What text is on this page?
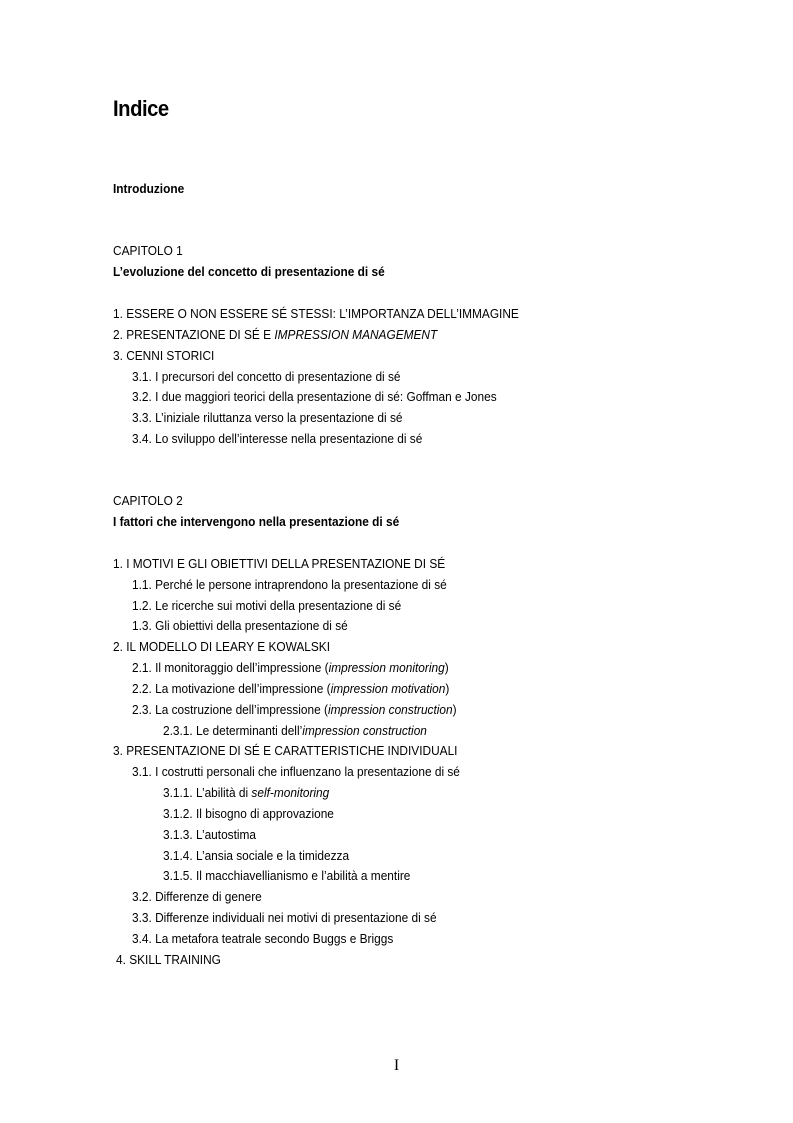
Indice
Introduzione
CAPITOLO 1
L’evoluzione del concetto di presentazione di sé
1. ESSERE O NON ESSERE SÉ STESSI: L’IMPORTANZA DELL’IMMAGINE
2. PRESENTAZIONE DI SÉ E IMPRESSION MANAGEMENT
3. CENNI STORICI
3.1. I precursori del concetto di presentazione di sé
3.2. I due maggiori teorici della presentazione di sé: Goffman e Jones
3.3. L’iniziale riluttanza verso la presentazione di sé
3.4. Lo sviluppo dell’interesse nella presentazione di sé
CAPITOLO 2
I fattori che intervengono nella presentazione di sé
1. I MOTIVI E GLI OBIETTIVI DELLA PRESENTAZIONE DI SÉ
1.1. Perché le persone intraprendono la presentazione di sé
1.2. Le ricerche sui motivi della presentazione di sé
1.3. Gli obiettivi della presentazione di sé
2. IL MODELLO DI LEARY E KOWALSKI
2.1. Il monitoraggio dell’impressione (impression monitoring)
2.2. La motivazione dell’impressione (impression motivation)
2.3. La costruzione dell’impressione (impression construction)
2.3.1. Le determinanti dell’impression construction
3. PRESENTAZIONE DI SÉ E CARATTERISTICHE INDIVIDUALI
3.1. I costrutti personali che influenzano la presentazione di sé
3.1.1. L’abilità di self-monitoring
3.1.2. Il bisogno di approvazione
3.1.3. L’autostima
3.1.4. L’ansia sociale e la timidezza
3.1.5. Il macchiavellianismo e l’abilità a mentire
3.2. Differenze di genere
3.3. Differenze individuali nei motivi di presentazione di sé
3.4. La metafora teatrale secondo Buggs e Briggs
4. SKILL TRAINING
I
